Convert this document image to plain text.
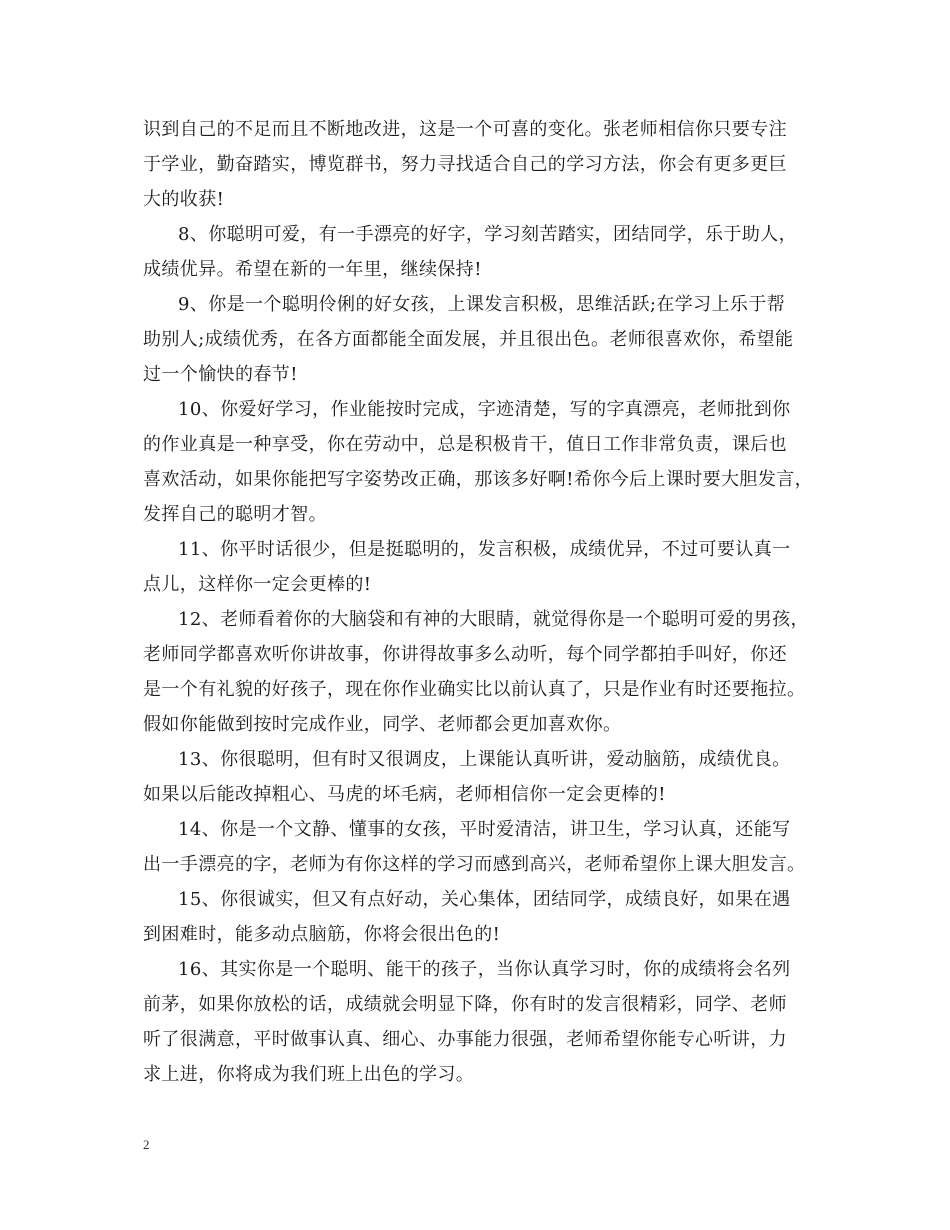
识到自己的不足而且不断地改进，这是一个可喜的变化。张老师相信你只要专注
于学业，勤奋踏实，博览群书，努力寻找适合自己的学习方法，你会有更多更巨
大的收获!
8、你聪明可爱，有一手漂亮的好字，学习刻苦踏实，团结同学，乐于助人，
成绩优异。希望在新的一年里，继续保持!
9、你是一个聪明伶俐的好女孩，上课发言积极，思维活跃;在学习上乐于帮
助别人;成绩优秀，在各方面都能全面发展，并且很出色。老师很喜欢你，希望能
过一个愉快的春节!
10、你爱好学习，作业能按时完成，字迹清楚，写的字真漂亮，老师批到你
的作业真是一种享受，你在劳动中，总是积极肯干，值日工作非常负责，课后也
喜欢活动，如果你能把写字姿势改正确，那该多好啊!希你今后上课时要大胆发言，
发挥自己的聪明才智。
11、你平时话很少，但是挺聪明的，发言积极，成绩优异，不过可要认真一
点儿，这样你一定会更棒的!
12、老师看着你的大脑袋和有神的大眼睛，就觉得你是一个聪明可爱的男孩，
老师同学都喜欢听你讲故事，你讲得故事多么动听，每个同学都拍手叫好，你还
是一个有礼貌的好孩子，现在你作业确实比以前认真了，只是作业有时还要拖拉。
假如你能做到按时完成作业，同学、老师都会更加喜欢你。
13、你很聪明，但有时又很调皮，上课能认真听讲，爱动脑筋，成绩优良。
如果以后能改掉粗心、马虎的坏毛病，老师相信你一定会更棒的!
14、你是一个文静、懂事的女孩，平时爱清洁，讲卫生，学习认真，还能写
出一手漂亮的字，老师为有你这样的学习而感到高兴，老师希望你上课大胆发言。
15、你很诚实，但又有点好动，关心集体，团结同学，成绩良好，如果在遇
到困难时，能多动点脑筋，你将会很出色的!
16、其实你是一个聪明、能干的孩子，当你认真学习时，你的成绩将会名列
前茅，如果你放松的话，成绩就会明显下降，你有时的发言很精彩，同学、老师
听了很满意，平时做事认真、细心、办事能力很强，老师希望你能专心听讲，力
求上进，你将成为我们班上出色的学习。
2
